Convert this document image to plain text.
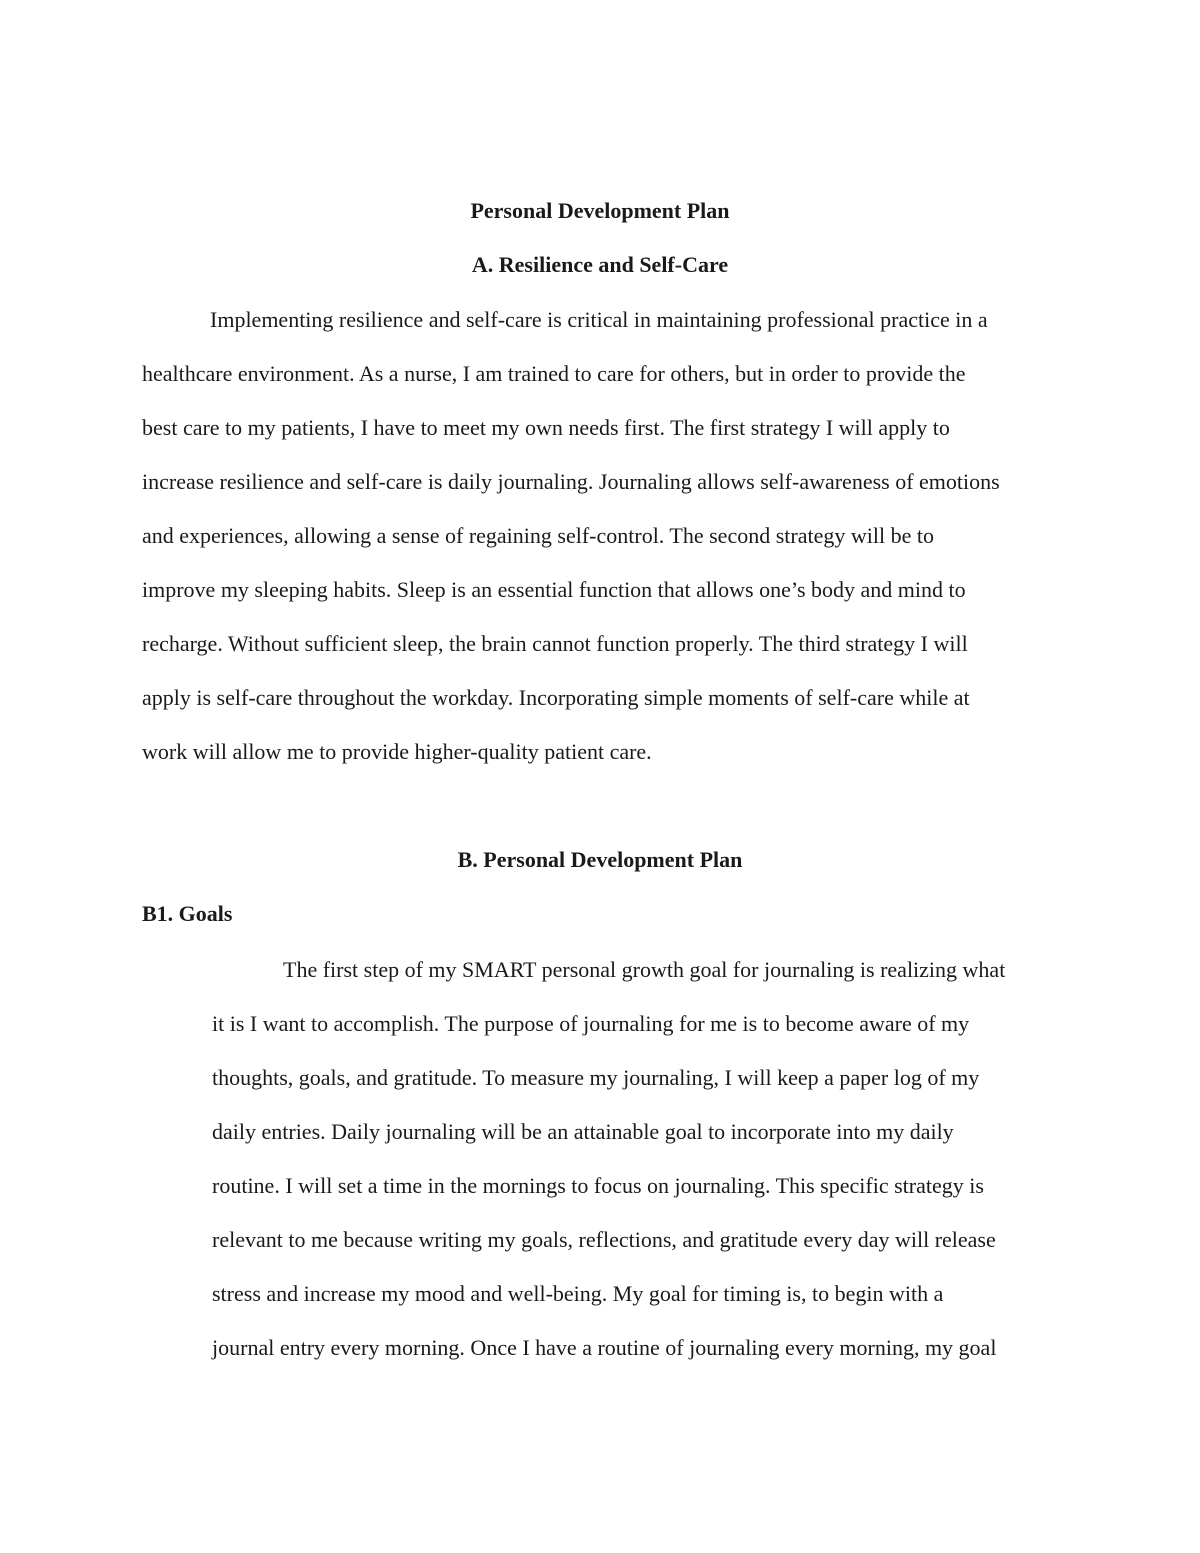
Personal Development Plan
A. Resilience and Self-Care

Implementing resilience and self-care is critical in maintaining professional practice in a

healthcare environment. As a nurse, I am trained to care for others, but in order to provide the

best care to my patients, I have to meet my own needs first. The first strategy I will apply to

increase resilience and self-care is daily journaling. Journaling allows self-awareness of emotions

and experiences, allowing a sense of regaining self-control. The second strategy will be to

improve my sleeping habits. Sleep is an essential function that allows one’s body and mind to

recharge. Without sufficient sleep, the brain cannot function properly. The third strategy I will

apply is self-care throughout the workday. Incorporating simple moments of self-care while at

work will allow me to provide higher-quality patient care.

B. Personal Development Plan
B1. Goals

The first step of my SMART personal growth goal for journaling is realizing what

it is I want to accomplish. The purpose of journaling for me is to become aware of my

thoughts, goals, and gratitude. To measure my journaling, I will keep a paper log of my

daily entries. Daily journaling will be an attainable goal to incorporate into my daily

routine. I will set a time in the mornings to focus on journaling. This specific strategy is

relevant to me because writing my goals, reflections, and gratitude every day will release

stress and increase my mood and well-being. My goal for timing is, to begin with a

journal entry every morning. Once I have a routine of journaling every morning, my goal
